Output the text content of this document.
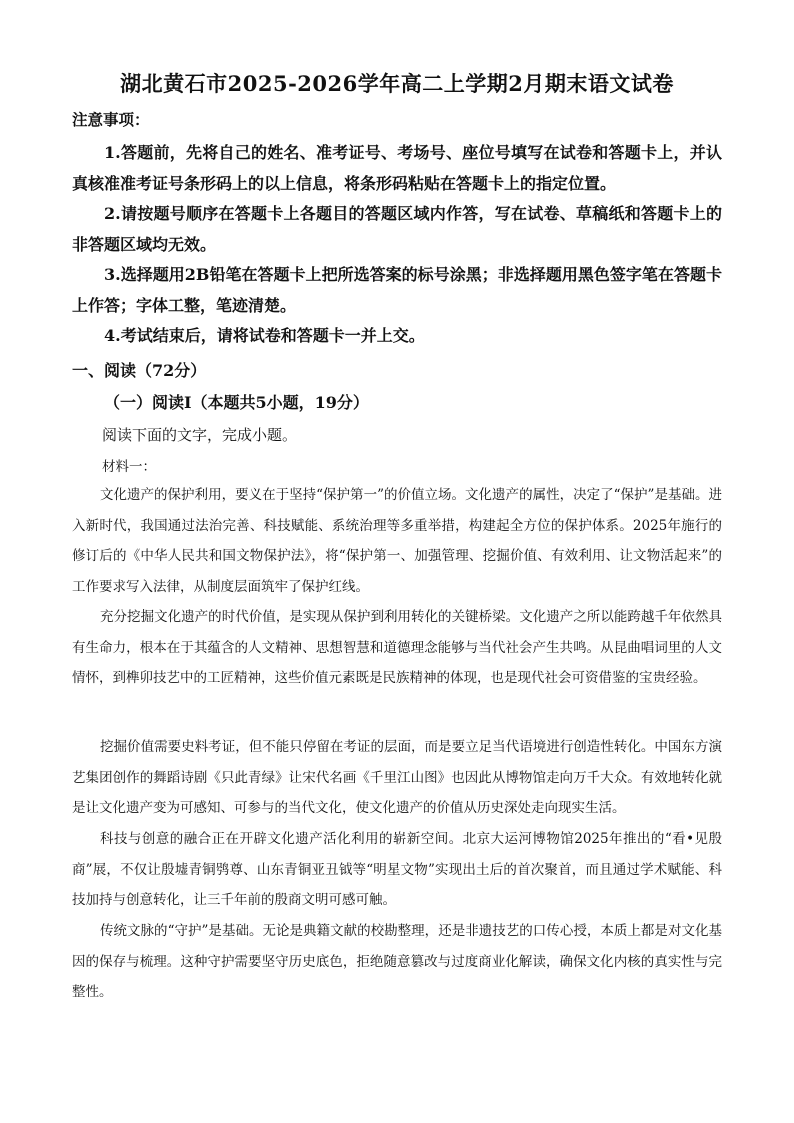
湖北黄石市2025-2026学年高二上学期2月期末语文试卷
注意事项：

1.答题前，先将自己的姓名、准考证号、考场号、座位号填写在试卷和答题卡上，并认真核准准考证号条形码上的以上信息，将条形码粘贴在答题卡上的指定位置。

2.请按题号顺序在答题卡上各题目的答题区域内作答，写在试卷、草稿纸和答题卡上的非答题区域均无效。

3.选择题用2B铅笔在答题卡上把所选答案的标号涂黑；非选择题用黑色签字笔在答题卡上作答；字体工整，笔迹清楚。

4.考试结束后，请将试卷和答题卡一并上交。

一、阅读（72分）
（一）阅读Ⅰ（本题共5小题，19分）
阅读下面的文字，完成小题。
材料一：

文化遗产的保护利用，要义在于坚持“保护第一”的价值立场。文化遗产的属性，决定了“保护”是基础。进入新时代，我国通过法治完善、科技赋能、系统治理等多重举措，构建起全方位的保护体系。2025年施行的修订后的《中华人民共和国文物保护法》，将“保护第一、加强管理、挖掘价值、有效利用、让文物活起来”的工作要求写入法律，从制度层面筑牢了保护红线。

充分挖掘文化遗产的时代价值，是实现从保护到利用转化的关键桥梁。文化遗产之所以能跨越千年依然具有生命力，根本在于其蕴含的人文精神、思想智慧和道德理念能够与当代社会产生共鸣。从昆曲唱词里的人文情怀，到榫卯技艺中的工匠精神，这些价值元素既是民族精神的体现，也是现代社会可资借鉴的宝贵经验。

挖掘价值需要史料考证，但不能只停留在考证的层面，而是要立足当代语境进行创造性转化。中国东方演艺集团创作的舞蹈诗剧《只此青绿》让宋代名画《千里江山图》也因此从博物馆走向万千大众。有效地转化就是让文化遗产变为可感知、可参与的当代文化，使文化遗产的价值从历史深处走向现实生活。

科技与创意的融合正在开辟文化遗产活化利用的崭新空间。北京大运河博物馆2025年推出的“看•见殷商”展，不仅让殷墟青铜鸮尊、山东青铜亚丑钺等“明星文物”实现出土后的首次聚首，而且通过学术赋能、科技加持与创意转化，让三千年前的殷商文明可感可触。

传统文脉的“守护”是基础。无论是典籍文献的校勘整理，还是非遗技艺的口传心授，本质上都是对文化基因的保存与梳理。这种守护需要坚守历史底色，拒绝随意篡改与过度商业化解读，确保文化内核的真实性与完整性。
